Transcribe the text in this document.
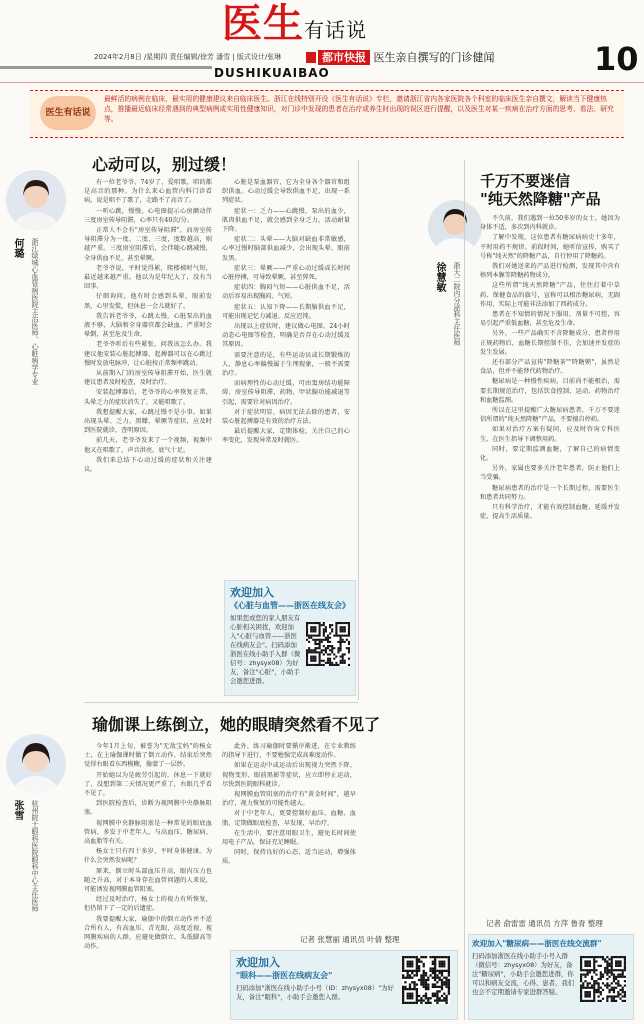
医生有话说
2024年2月8日 /星期四 责任编辑/徐芳 潘雪 | 版式设计/张琳
DUSHIKUAIBAO
都市快报 医生亲自撰写的门诊健闻	10
医生有话说
最鲜活的病例在临床，最实用的健康建议来自临床医生。浙江在线特别开设《医生有话说》专栏，邀请浙江省内各家医院各个科室的临床医生亲自撰文，解读当下健康热点，推播最近临床经常遇到的典型病例或实用性健康知识，对门诊中发现的患者在治疗或养生时出现的误区进行提醒，以及医生对某一疾病在治疗方面的思考、看法、研究等。
何璐 浙江绿城心血管病医院主治医师、心脏病学专业
心动可以，别过缓！

有一位老爷爷，74岁了，爱唱歌，唱的都是高音的那种。为什么来心血管内科门诊看病，说是唱不了歌了，走路不了高音了。

一听心跳，慢慢。心电图提示心房颤动伴三度房室传导阻滞，心率只有40次/分。

正常人不会有"房室传导阻滞"，而房室传导阻滞分为一度、二度、三度，度数越高，则越严重。三度房室阻滞后，会伴随心跳减慢，全身供血不足，甚至晕厥。

老爷爷说，平时觉得累，爬楼梯时气短，最近越来越严重。他以为是年纪大了，没有当回事。

仔细询问，他有时会感到头晕、眼前发黑，心里发慌，但休息一会儿就好了。

我告诉老爷爷，心跳太慢，心脏泵出的血液不够，大脑和全身器官都会缺血，严重时会晕倒，甚至危及生命。

老爷爷听后有些紧张，问我该怎么办。我建议他安装心脏起搏器，起搏器可以在心跳过慢时发放电脉冲，让心脏按正常频率跳动。

从前期入门的房室传导阻滞开始，医生就建议患者及时检查，及时治疗。

安装起搏器后，老爷爷的心率恢复正常，头晕乏力的症状消失了，又能唱歌了。

我想提醒大家，心跳过慢不是小事。如果出现头晕、乏力、黑矇、晕厥等症状，应及时到医院就诊，查明原因。

前几天，老爷爷发来了一个视频，视频中他又在唱歌了，声音洪亮，底气十足。

我们来总结下心动过缓的症状和关注建议。

心脏是泵血器官，它为全身各个器官和组织供血。心动过缓会导致供血不足，出现一系列症状。

症状一：乏力——心跳慢，泵出的血少，肌肉供血不足，就会感到全身乏力，活动耐量下降。

症状二：头晕——大脑对缺血非常敏感，心率过慢时脑部供血减少，会出现头晕、眼前发黑。

症状三：晕厥——严重心动过缓或长时间心脏停搏，可导致晕厥，甚至猝死。

症状四：胸闷气短——心脏供血不足，活动后容易出现胸闷、气短。

症状五：认知下降——长期脑供血不足，可能出现记忆力减退、反应迟钝。

出现以上症状时，建议做心电图、24小时动态心电图等检查，明确是否存在心动过缓及其原因。

需要注意的是，有些运动员或长期锻炼的人，静息心率偏慢属于生理现象，一般不需要治疗。

而病理性的心动过缓，可由窦房结功能障碍、房室传导阻滞、药物、甲状腺功能减退等引起，需要针对病因治疗。

对于症状明显、病因无法去除的患者，安装心脏起搏器是有效的治疗方法。

最后提醒大家，定期体检，关注自己的心率变化，发现异常及时就医。

欢迎加入
《心脏与血管——浙医在线友会》
如果您或您的家人朋友有心脏相关困扰，欢迎加入"心脏与血管——浙医在线病友会"。扫码添加浙医在线小助手入群（微信号：zhysyx08）为好友，备注"心脏"，小助手会邀您进群。
千万不要迷信
"纯天然降糖"产品
徐慧敏 浙大二院内分泌科主任医师

不久前，我们遇到一位50多岁的女士，她因为身体不适，多次到内科就诊。

了解中发现，这位患者有糖尿病病史十多年，平时用药不规律。前段时间，她听信宣传，购买了号称"纯天然"的降糖产品，自行停用了降糖药。

我们对她送来的产品进行检测，发现其中含有格列本脲等降糖药物成分。

这些所谓"纯天然降糖"产品，往往打着中草药、保健食品的旗号，宣称可以根治糖尿病，无副作用，实际上可能非法添加了西药成分。

患者在不知情的情况下服用，剂量不可控，容易引起严重低血糖，甚至危及生命。

另外，一些产品确实不含降糖成分，患者停用正规药物后，血糖长期控制不佳，会加速并发症的发生发展。

还有部分产品宣传"降糖茶""降糖粥"，虽然是食品，但并不能替代药物治疗。

糖尿病是一种慢性疾病，目前尚不能根治，需要长期规范治疗，包括饮食控制、运动、药物治疗和血糖监测。

所以在这里提醒广大糖尿病患者，千万不要迷信所谓的"纯天然降糖"产品，不要擅自停药。

如果对治疗方案有疑问，应及时咨询专科医生，在医生指导下调整用药。

同时，要定期监测血糖，了解自己的病情变化。

另外，家属也要多关注老年患者，防止他们上当受骗。

糖尿病患者的治疗是一个长期过程，需要医生和患者共同努力。

只有科学治疗，才能有效控制血糖，延缓并发症，提高生活质量。

记者 俞雷雷 通讯员 方萍 鲁青 整理
欢迎加入"糖尿病——浙医在线交流群"
扫码添加浙医在线小助手小号入群（微信号：zhysyx08）为好友，备注"糖尿病"，小助手会邀您进群，你可以和病友交流，心得、患者，我们也会不定期邀请专家进群答疑。
瑜伽课上练倒立，她的眼睛突然看不见了
张雪 杭州院士眼科医院眼科中心主任医师

今年1月上旬，被誉为"无敌宝妈"的杨女士，在上瑜伽课时做了倒立动作，结束后突然觉得右眼看东西模糊，像蒙了一层纱。

开始她以为是疲劳引起的，休息一下就好了，没想到第二天情况更严重了，右眼几乎看不见了。

到医院检查后，诊断为视网膜中央静脉阻塞。

视网膜中央静脉阻塞是一种常见的眼底血管病，多发于中老年人，与高血压、糖尿病、高血脂等有关。

杨女士只有四十多岁，平时身体健康。为什么会突然发病呢？

原来，倒立时头部血压升高，眼内压力也随之升高，对于本身存在血管问题的人来说，可能诱发视网膜血管阻塞。

经过及时治疗，杨女士的视力有所恢复，但仍留下了一定的后遗症。

我要提醒大家，瑜伽中的倒立动作并不适合所有人，有高血压、青光眼、高度近视、视网膜疾病的人群，应避免做倒立、头低脚高等动作。

此外，练习瑜伽时要循序渐进，在专业教练的指导下进行，不要勉强完成高难度动作。

如果在运动中或运动后出现视力突然下降、视物变形、眼前黑影等症状，应立即停止运动，尽快到医院眼科就诊。

视网膜血管阻塞的治疗有"黄金时间"，越早治疗，视力恢复的可能性越大。

对于中老年人，更要控制好血压、血糖、血脂，定期做眼底检查，早发现、早治疗。

在生活中，要注意用眼卫生，避免长时间使用电子产品，保证充足睡眠。

同时，保持良好的心态，适当运动，增强体质。

记者 张慧丽 通讯员 叶倩 整理
欢迎加入
"眼科——浙医在线病友会"
扫码添加"浙医在线小助手小号（ID：zhysyx08）"为好友，备注"眼科"，小助手会邀您入群。
